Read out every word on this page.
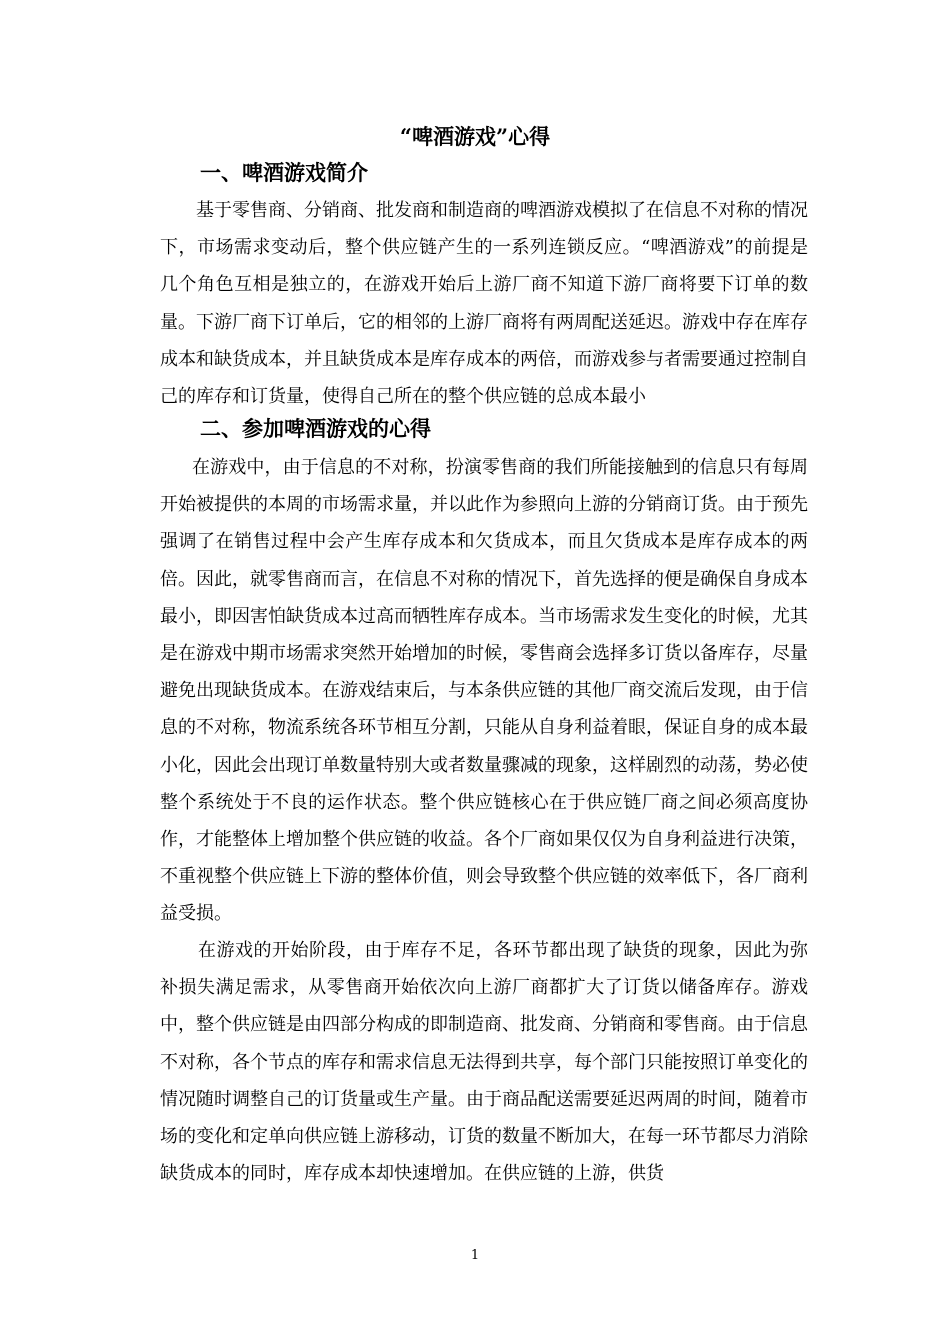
“啤酒游戏”心得
一、啤酒游戏简介

基于零售商、分销商、批发商和制造商的啤酒游戏模拟了在信息不对称的情况下，市场需求变动后，整个供应链产生的一系列连锁反应。“啤酒游戏”的前提是几个角色互相是独立的，在游戏开始后上游厂商不知道下游厂商将要下订单的数量。下游厂商下订单后，它的相邻的上游厂商将有两周配送延迟。游戏中存在库存成本和缺货成本，并且缺货成本是库存成本的两倍，而游戏参与者需要通过控制自己的库存和订货量，使得自己所在的整个供应链的总成本最小

二、参加啤酒游戏的心得

在游戏中，由于信息的不对称，扮演零售商的我们所能接触到的信息只有每周开始被提供的本周的市场需求量，并以此作为参照向上游的分销商订货。由于预先强调了在销售过程中会产生库存成本和欠货成本，而且欠货成本是库存成本的两倍。因此，就零售商而言，在信息不对称的情况下，首先选择的便是确保自身成本最小，即因害怕缺货成本过高而牺牲库存成本。当市场需求发生变化的时候，尤其是在游戏中期市场需求突然开始增加的时候，零售商会选择多订货以备库存，尽量避免出现缺货成本。在游戏结束后，与本条供应链的其他厂商交流后发现，由于信息的不对称，物流系统各环节相互分割，只能从自身利益着眼，保证自身的成本最小化，因此会出现订单数量特别大或者数量骤减的现象，这样剧烈的动荡，势必使整个系统处于不良的运作状态。整个供应链核心在于供应链厂商之间必须高度协作，才能整体上增加整个供应链的收益。各个厂商如果仅仅为自身利益进行决策，不重视整个供应链上下游的整体价值，则会导致整个供应链的效率低下，各厂商利益受损。

在游戏的开始阶段，由于库存不足，各环节都出现了缺货的现象，因此为弥补损失满足需求，从零售商开始依次向上游厂商都扩大了订货以储备库存。游戏中，整个供应链是由四部分构成的即制造商、批发商、分销商和零售商。由于信息不对称，各个节点的库存和需求信息无法得到共享，每个部门只能按照订单变化的情况随时调整自己的订货量或生产量。由于商品配送需要延迟两周的时间，随着市场的变化和定单向供应链上游移动，订货的数量不断加大，在每一环节都尽力消除缺货成本的同时，库存成本却快速增加。在供应链的上游，供货

1
